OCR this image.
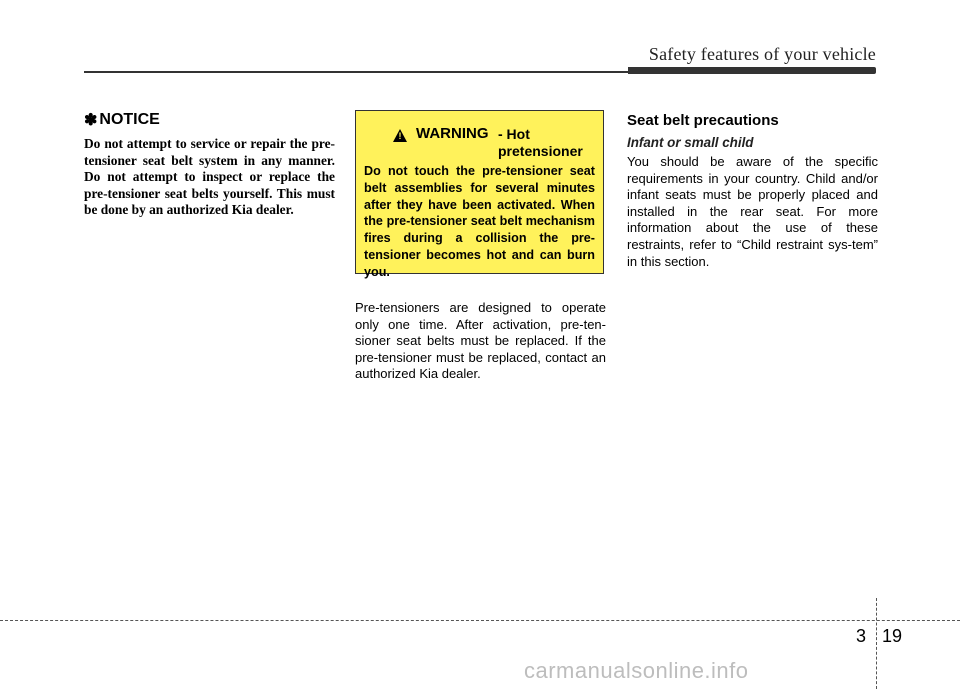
Safety features of your vehicle
✽ NOTICE

Do not attempt to service or repair the pre-tensioner seat belt system in any manner. Do not attempt to inspect or replace the pre-tensioner seat belts yourself. This must be done by an authorized Kia dealer.

! WARNING - Hot
pretensioner

Do not touch the pre-tensioner seat belt assemblies for several minutes after they have been activated. When the pre-tensioner seat belt mechanism fires during a collision the pre-tensioner becomes hot and can burn you.

Pre-tensioners are designed to operate only one time. After activation, pre-ten-sioner seat belts must be replaced. If the pre-tensioner must be replaced, contact an authorized Kia dealer.

Seat belt precautions
Infant or small child

You should be aware of the specific requirements in your country. Child and/or infant seats must be properly placed and installed in the rear seat. For more information about the use of these restraints, refer to “Child restraint sys-tem” in this section.

3 19
carmanualsonline.info
